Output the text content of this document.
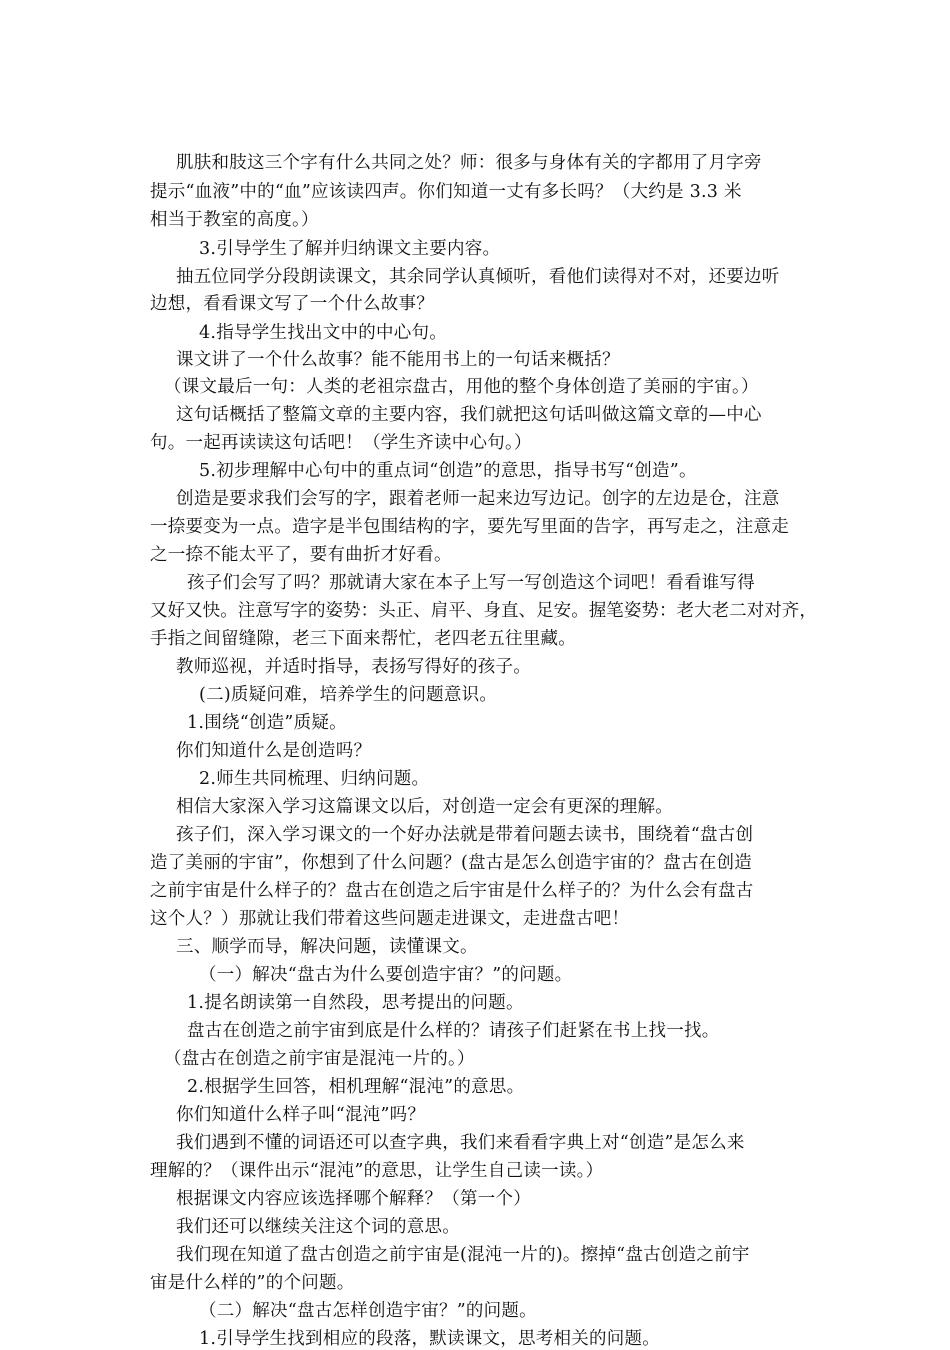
肌肤和肢这三个字有什么共同之处？师：很多与身体有关的字都用了月字旁
提示“血液”中的“血”应该读四声。你们知道一丈有多长吗？（大约是 3.3 米
相当于教室的高度。）
3.引导学生了解并归纳课文主要内容。
抽五位同学分段朗读课文，其余同学认真倾听，看他们读得对不对，还要边听
边想，看看课文写了一个什么故事？
4.指导学生找出文中的中心句。
课文讲了一个什么故事？能不能用书上的一句话来概括？
（课文最后一句：人类的老祖宗盘古，用他的整个身体创造了美丽的宇宙。）
这句话概括了整篇文章的主要内容，我们就把这句话叫做这篇文章的—中心
句。一起再读读这句话吧！（学生齐读中心句。）
5.初步理解中心句中的重点词“创造”的意思，指导书写“创造”。
创造是要求我们会写的字，跟着老师一起来边写边记。创字的左边是仓，注意
一捺要变为一点。造字是半包围结构的字，要先写里面的告字，再写走之，注意走
之一捺不能太平了，要有曲折才好看。
孩子们会写了吗？那就请大家在本子上写一写创造这个词吧！看看谁写得
又好又快。注意写字的姿势：头正、肩平、身直、足安。握笔姿势：老大老二对对齐，
手指之间留缝隙，老三下面来帮忙，老四老五往里藏。
教师巡视，并适时指导，表扬写得好的孩子。
(二)质疑问难，培养学生的问题意识。
1.围绕“创造”质疑。
你们知道什么是创造吗？
2.师生共同梳理、归纳问题。
相信大家深入学习这篇课文以后，对创造一定会有更深的理解。
孩子们，深入学习课文的一个好办法就是带着问题去读书，围绕着“盘古创
造了美丽的宇宙”，你想到了什么问题？(盘古是怎么创造宇宙的？盘古在创造
之前宇宙是什么样子的？盘古在创造之后宇宙是什么样子的？为什么会有盘古
这个人？）那就让我们带着这些问题走进课文，走进盘古吧！
三、顺学而导，解决问题，读懂课文。
（一）解决“盘古为什么要创造宇宙？”的问题。
1.提名朗读第一自然段，思考提出的问题。
盘古在创造之前宇宙到底是什么样的？请孩子们赶紧在书上找一找。
（盘古在创造之前宇宙是混沌一片的。）
2.根据学生回答，相机理解“混沌”的意思。
你们知道什么样子叫“混沌”吗？
我们遇到不懂的词语还可以查字典，我们来看看字典上对“创造”是怎么来
理解的？（课件出示“混沌”的意思，让学生自己读一读。）
根据课文内容应该选择哪个解释？（第一个）
我们还可以继续关注这个词的意思。
我们现在知道了盘古创造之前宇宙是(混沌一片的)。擦掉“盘古创造之前宇
宙是什么样的”的个问题。
（二）解决“盘古怎样创造宇宙？”的问题。
1.引导学生找到相应的段落，默读课文，思考相关的问题。
